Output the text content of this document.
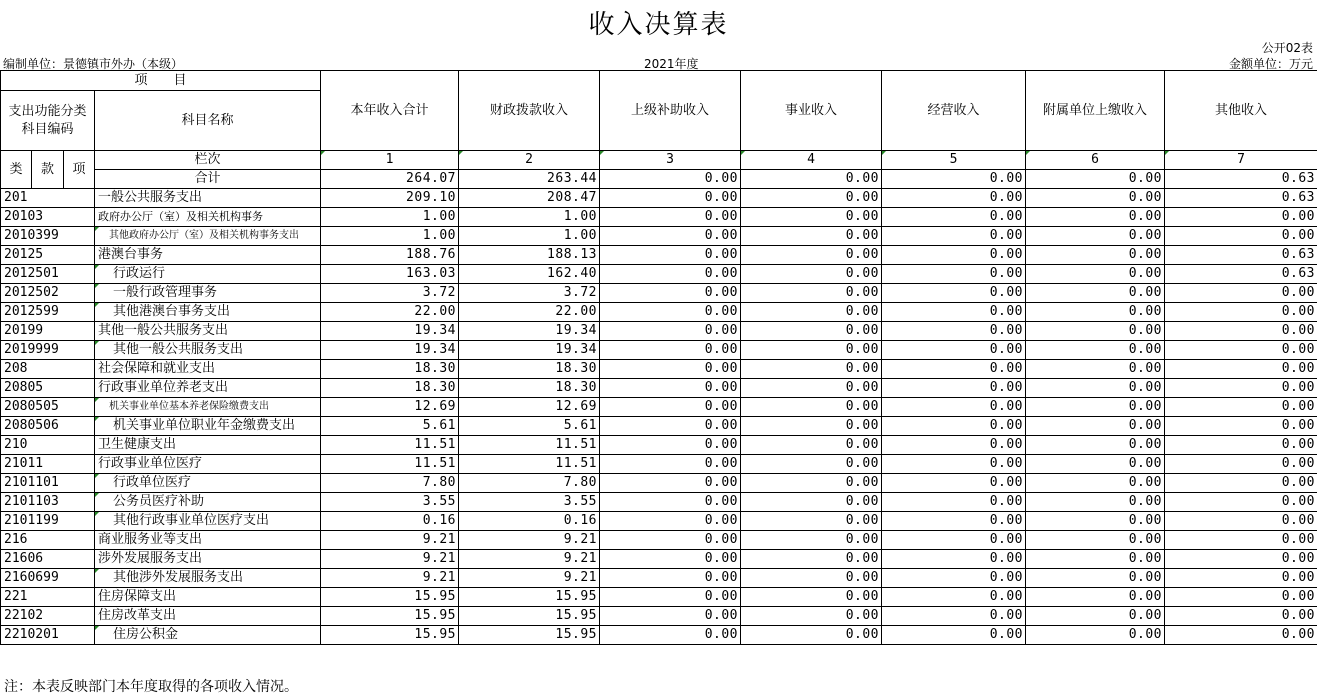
收入决算表
公开02表
编制单位：景德镇市外办（本级）	2021年度	金额单位：万元
项　　目				本年收入合计	财政拨款收入	上级补助收入	事业收入	经营收入	附属单位上缴收入	其他收入
支出功能分类
科目编码			科目名称							

类	款	项	栏次	1	2	3	4	5	6	7
			合计	264.07	263.44	0.00	0.00	0.00	0.00	0.63
201			一般公共服务支出	209.10	208.47	0.00	0.00	0.00	0.00	0.63
20103			政府办公厅（室）及相关机构事务	1.00	1.00	0.00	0.00	0.00	0.00	0.00
2010399			其他政府办公厅（室）及相关机构事务支出	1.00	1.00	0.00	0.00	0.00	0.00	0.00
20125			港澳台事务	188.76	188.13	0.00	0.00	0.00	0.00	0.63
2012501			行政运行	163.03	162.40	0.00	0.00	0.00	0.00	0.63
2012502			一般行政管理事务	3.72	3.72	0.00	0.00	0.00	0.00	0.00
2012599			其他港澳台事务支出	22.00	22.00	0.00	0.00	0.00	0.00	0.00
20199			其他一般公共服务支出	19.34	19.34	0.00	0.00	0.00	0.00	0.00
2019999			其他一般公共服务支出	19.34	19.34	0.00	0.00	0.00	0.00	0.00
208			社会保障和就业支出	18.30	18.30	0.00	0.00	0.00	0.00	0.00
20805			行政事业单位养老支出	18.30	18.30	0.00	0.00	0.00	0.00	0.00
2080505			机关事业单位基本养老保险缴费支出	12.69	12.69	0.00	0.00	0.00	0.00	0.00
2080506			机关事业单位职业年金缴费支出	5.61	5.61	0.00	0.00	0.00	0.00	0.00
210			卫生健康支出	11.51	11.51	0.00	0.00	0.00	0.00	0.00
21011			行政事业单位医疗	11.51	11.51	0.00	0.00	0.00	0.00	0.00
2101101			行政单位医疗	7.80	7.80	0.00	0.00	0.00	0.00	0.00
2101103			公务员医疗补助	3.55	3.55	0.00	0.00	0.00	0.00	0.00
2101199			其他行政事业单位医疗支出	0.16	0.16	0.00	0.00	0.00	0.00	0.00
216			商业服务业等支出	9.21	9.21	0.00	0.00	0.00	0.00	0.00
21606			涉外发展服务支出	9.21	9.21	0.00	0.00	0.00	0.00	0.00
2160699			其他涉外发展服务支出	9.21	9.21	0.00	0.00	0.00	0.00	0.00
221			住房保障支出	15.95	15.95	0.00	0.00	0.00	0.00	0.00
22102			住房改革支出	15.95	15.95	0.00	0.00	0.00	0.00	0.00
2210201			住房公积金	15.95	15.95	0.00	0.00	0.00	0.00	0.00
注：本表反映部门本年度取得的各项收入情况。
